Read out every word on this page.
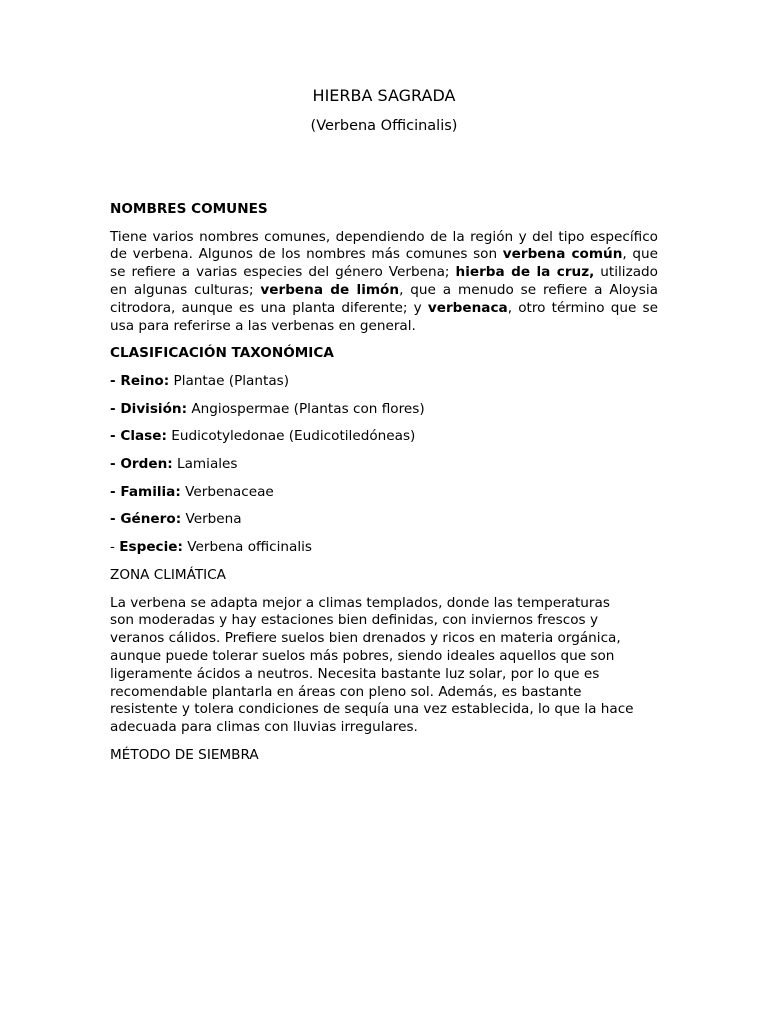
HIERBA SAGRADA
(Verbena Officinalis)
NOMBRES COMUNES

Tiene varios nombres comunes, dependiendo de la región y del tipo específico de verbena. Algunos de los nombres más comunes son verbena común, que se refiere a varias especies del género Verbena; hierba de la cruz, utilizado en algunas culturas; verbena de limón, que a menudo se refiere a Aloysia citrodora, aunque es una planta diferente; y verbenaca, otro término que se usa para referirse a las verbenas en general.

CLASIFICACIÓN TAXONÓMICA

- Reino: Plantae (Plantas)

- División: Angiospermae (Plantas con flores)

- Clase: Eudicotyledonae (Eudicotiledóneas)

- Orden: Lamiales

- Familia: Verbenaceae

- Género: Verbena

- Especie: Verbena officinalis

ZONA CLIMÁTICA

La verbena se adapta mejor a climas templados, donde las temperaturas
son moderadas y hay estaciones bien definidas, con inviernos frescos y
veranos cálidos. Prefiere suelos bien drenados y ricos en materia orgánica,
aunque puede tolerar suelos más pobres, siendo ideales aquellos que son
ligeramente ácidos a neutros. Necesita bastante luz solar, por lo que es
recomendable plantarla en áreas con pleno sol. Además, es bastante
resistente y tolera condiciones de sequía una vez establecida, lo que la hace
adecuada para climas con lluvias irregulares.

MÉTODO DE SIEMBRA
